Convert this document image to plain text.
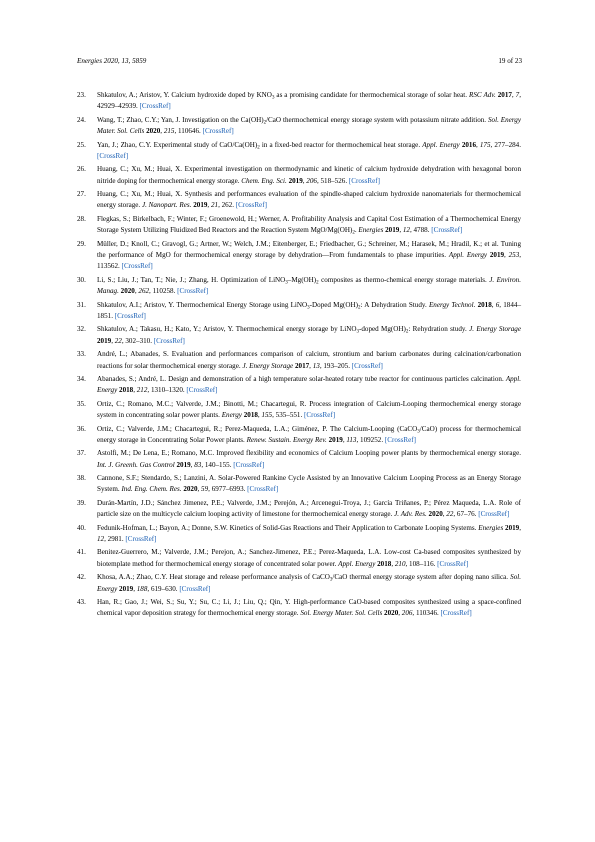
Energies 2020, 13, 5859	19 of 23
23. Shkatulov, A.; Aristov, Y. Calcium hydroxide doped by $KNO_3$ as a promising candidate for thermochemical storage of solar heat. RSC Adv. 2017, 7, 42929–42939. [CrossRef]
24. Wang, T.; Zhao, C.Y.; Yan, J. Investigation on the $Ca(OH)_2$/CaO thermochemical energy storage system with potassium nitrate addition. Sol. Energy Mater. Sol. Cells 2020, 215, 110646. [CrossRef]
25. Yan, J.; Zhao, C.Y. Experimental study of CaO/$Ca(OH)_2$ in a fixed-bed reactor for thermochemical heat storage. Appl. Energy 2016, 175, 277–284. [CrossRef]
26. Huang, C.; Xu, M.; Huai, X. Experimental investigation on thermodynamic and kinetic of calcium hydroxide dehydration with hexagonal boron nitride doping for thermochemical energy storage. Chem. Eng. Sci. 2019, 206, 518–526. [CrossRef]
27. Huang, C.; Xu, M.; Huai, X. Synthesis and performances evaluation of the spindle-shaped calcium hydroxide nanomaterials for thermochemical energy storage. J. Nanopart. Res. 2019, 21, 262. [CrossRef]
28. Flegkas, S.; Birkelbach, F.; Winter, F.; Groenewold, H.; Werner, A. Profitability Analysis and Capital Cost Estimation of a Thermochemical Energy Storage System Utilizing Fluidized Bed Reactors and the Reaction System MgO/$Mg(OH)_2$. Energies 2019, 12, 4788. [CrossRef]
29. Müller, D.; Knoll, C.; Gravogl, G.; Artner, W.; Welch, J.M.; Eitenberger, E.; Friedbacher, G.; Schreiner, M.; Harasek, M.; Hradil, K.; et al. Tuning the performance of MgO for thermochemical energy storage by dehydration—From fundamentals to phase impurities. Appl. Energy 2019, 253, 113562. [CrossRef]
30. Li, S.; Liu, J.; Tan, T.; Nie, J.; Zhang, H. Optimization of $LiNO_3-Mg(OH)_2$ composites as thermo-chemical energy storage materials. J. Environ. Manag. 2020, 262, 110258. [CrossRef]
31. Shkatulov, A.I.; Aristov, Y. Thermochemical Energy Storage using LiNO$_3$-Doped $Mg(OH)_2$: A Dehydration Study. Energy Technol. 2018, 6, 1844–1851. [CrossRef]
32. Shkatulov, A.; Takasu, H.; Kato, Y.; Aristov, Y. Thermochemical energy storage by LiNO$_3$-doped $Mg(OH)_2$: Rehydration study. J. Energy Storage 2019, 22, 302–310. [CrossRef]
33. André, L.; Abanades, S. Evaluation and performances comparison of calcium, strontium and barium carbonates during calcination/carbonation reactions for solar thermochemical energy storage. J. Energy Storage 2017, 13, 193–205. [CrossRef]
34. Abanades, S.; André, L. Design and demonstration of a high temperature solar-heated rotary tube reactor for continuous particles calcination. Appl. Energy 2018, 212, 1310–1320. [CrossRef]
35. Ortiz, C.; Romano, M.C.; Valverde, J.M.; Binotti, M.; Chacartegui, R. Process integration of Calcium-Looping thermochemical energy storage system in concentrating solar power plants. Energy 2018, 155, 535–551. [CrossRef]
36. Ortiz, C.; Valverde, J.M.; Chacartegui, R.; Perez-Maqueda, L.A.; Giménez, P. The Calcium-Looping (CaCO$_3$/CaO) process for thermochemical energy storage in Concentrating Solar Power plants. Renew. Sustain. Energy Rev. 2019, 113, 109252. [CrossRef]
37. Astolfi, M.; De Lena, E.; Romano, M.C. Improved flexibility and economics of Calcium Looping power plants by thermochemical energy storage. Int. J. Greenh. Gas Control 2019, 83, 140–155. [CrossRef]
38. Cannone, S.F.; Stendardo, S.; Lanzini, A. Solar-Powered Rankine Cycle Assisted by an Innovative Calcium Looping Process as an Energy Storage System. Ind. Eng. Chem. Res. 2020, 59, 6977–6993. [CrossRef]
39. Durán-Martín, J.D.; Sánchez Jimenez, P.E.; Valverde, J.M.; Perejón, A.; Arcenegui-Troya, J.; García Triñanes, P.; Pérez Maqueda, L.A. Role of particle size on the multicycle calcium looping activity of limestone for thermochemical energy storage. J. Adv. Res. 2020, 22, 67–76. [CrossRef]
40. Fedunik-Hofman, L.; Bayon, A.; Donne, S.W. Kinetics of Solid-Gas Reactions and Their Application to Carbonate Looping Systems. Energies 2019, 12, 2981. [CrossRef]
41. Benitez-Guerrero, M.; Valverde, J.M.; Perejon, A.; Sanchez-Jimenez, P.E.; Perez-Maqueda, L.A. Low-cost Ca-based composites synthesized by biotemplate method for thermochemical energy storage of concentrated solar power. Appl. Energy 2018, 210, 108–116. [CrossRef]
42. Khosa, A.A.; Zhao, C.Y. Heat storage and release performance analysis of CaCO$_3$/CaO thermal energy storage system after doping nano silica. Sol. Energy 2019, 188, 619–630. [CrossRef]
43. Han, R.; Gao, J.; Wei, S.; Su, Y.; Su, C.; Li, J.; Liu, Q.; Qin, Y. High-performance CaO-based composites synthesized using a space-confined chemical vapor deposition strategy for thermochemical energy storage. Sol. Energy Mater. Sol. Cells 2020, 206, 110346. [CrossRef]
